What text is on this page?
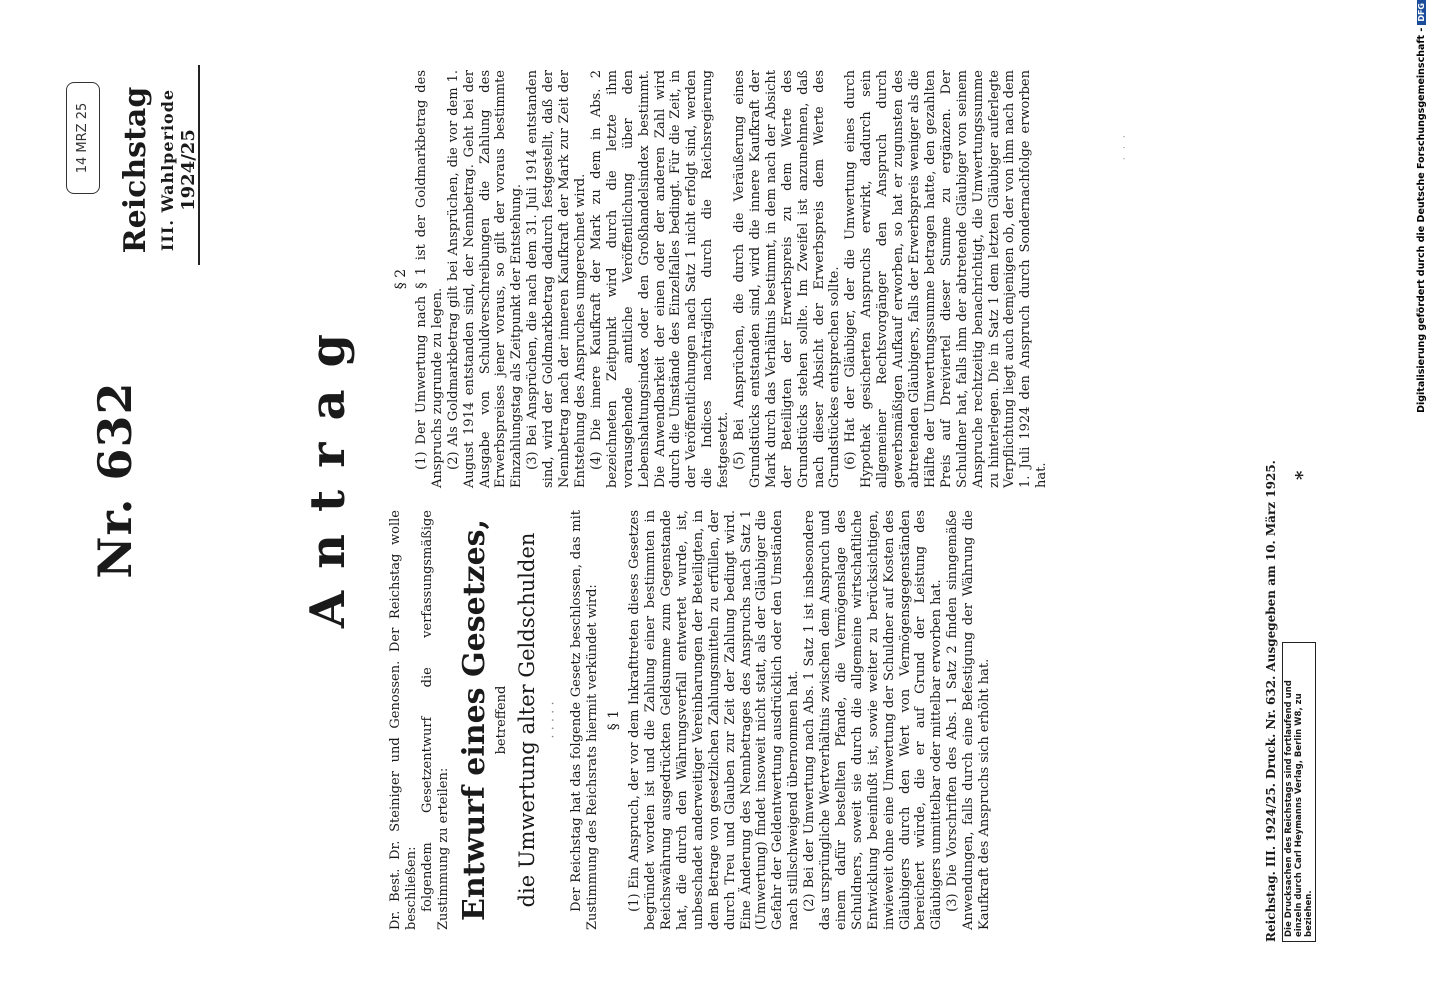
14 MRZ 25
Nr. 632
Reichstag III. Wahlperiode 1924/25
Antrag

Dr. Best. Dr. Steiniger und Genossen. Der Reichstag wolle beschließen: folgendem Gesetzentwurf die verfassungsmäßige Zustimmung zu erteilen: Entwurf eines Gesetzes, betreffend die Umwertung alter Geldschulden · · · · · Der Reichstag hat das folgende Gesetz beschlossen, das mit Zustimmung des Reichsrats hiermit verkündet wird: § 1 (1) Ein Anspruch, der vor dem Inkrafttreten dieses Gesetzes begründet worden ist und die Zahlung einer bestimmten in Reichswährung ausgedrückten Geldsumme zum Gegenstande hat, die durch den Währungsverfall entwertet wurde, ist, unbeschadet anderweitiger Vereinbarungen der Beteiligten, in dem Betrage von gesetzlichen Zahlungsmitteln zu erfüllen, der durch Treu und Glauben zur Zeit der Zahlung bedingt wird. Eine Änderung des Nennbetrages des Anspruchs nach Satz 1 (Umwertung) findet insoweit nicht statt, als der Gläubiger die Gefahr der Geldentwertung ausdrücklich oder den Umständen nach stillschweigend übernommen hat. (2) Bei der Umwertung nach Abs. 1 Satz 1 ist insbesondere das ursprüngliche Wertverhältnis zwischen dem Anspruch und einem dafür bestellten Pfande, die Vermögenslage des Schuldners, soweit sie durch die allgemeine wirtschaftliche Entwicklung beeinflußt ist, sowie weiter zu berücksichtigen, inwieweit ohne eine Umwertung der Schuldner auf Kosten des Gläubigers durch den Wert von Vermögensgegenständen bereichert würde, die er auf Grund der Leistung des Gläubigers unmittelbar oder mittelbar erworben hat. (3) Die Vorschriften des Abs. 1 Satz 2 finden sinngemäße Anwendungen, falls durch eine Befestigung der Währung die Kaufkraft des Anspruchs sich erhöht hat.

§ 2 (1) Der Umwertung nach § 1 ist der Goldmarkbetrag des Anspruchs zugrunde zu legen. (2) Als Goldmarkbetrag gilt bei Ansprüchen, die vor dem 1. August 1914 entstanden sind, der Nennbetrag. Geht bei der Ausgabe von Schuldverschreibungen die Zahlung des Erwerbspreises jener voraus, so gilt der voraus bestimmte Einzahlungstag als Zeitpunkt der Entstehung. (3) Bei Ansprüchen, die nach dem 31. Juli 1914 entstanden sind, wird der Goldmarkbetrag dadurch festgestellt, daß der Nennbetrag nach der inneren Kaufkraft der Mark zur Zeit der Entstehung des Anspruches umgerechnet wird. (4) Die innere Kaufkraft der Mark zu dem in Abs. 2 bezeichneten Zeitpunkt wird durch die letzte ihm vorausgehende amtliche Veröffentlichung über den Lebenshaltungsindex oder den Großhandelsindex bestimmt. Die Anwendbarkeit der einen oder der anderen Zahl wird durch die Umstände des Einzelfalles bedingt. Für die Zeit, in der Veröffentlichungen nach Satz 1 nicht erfolgt sind, werden die Indices nachträglich durch die Reichsregierung festgesetzt. (5) Bei Ansprüchen, die durch die Veräußerung eines Grundstücks entstanden sind, wird die innere Kaufkraft der Mark durch das Verhältnis bestimmt, in dem nach der Absicht der Beteiligten der Erwerbspreis zu dem Werte des Grundstücks stehen sollte. Im Zweifel ist anzunehmen, daß nach dieser Absicht der Erwerbspreis dem Werte des Grundstückes entsprechen sollte. (6) Hat der Gläubiger, der die Umwertung eines durch Hypothek gesicherten Anspruchs erwirkt, dadurch sein allgemeiner Rechtsvorgänger den Anspruch durch gewerbsmäßigen Aufkauf erworben, so hat er zugunsten des abtretenden Gläubigers, falls der Erwerbspreis weniger als die Hälfte der Umwertungssumme betragen hatte, den gezahlten Preis auf Dreiviertel dieser Summe zu ergänzen. Der Schuldner hat, falls ihm der abtretende Gläubiger von seinem Anspruche rechtzeitig benachrichtigt, die Umwertungssumme zu hinterlegen. Die in Satz 1 dem letzten Gläubiger auferlegte Verpflichtung liegt auch demjenigen ob, der von ihm nach dem 1. Juli 1924 den Anspruch durch Sondernachfolge erworben hat.

· · ·
Reichstag. III. 1924/25. Druck. Nr. 632. Ausgegeben am 10. März 1925. Die Drucksachen des Reichstags sind fortlaufend und einzeln durch Carl Heymanns Verlag, Berlin W8, zu beziehen.
*
Digitalisierung gefördert durch die Deutsche Forschungsgemeinschaft -DFG
